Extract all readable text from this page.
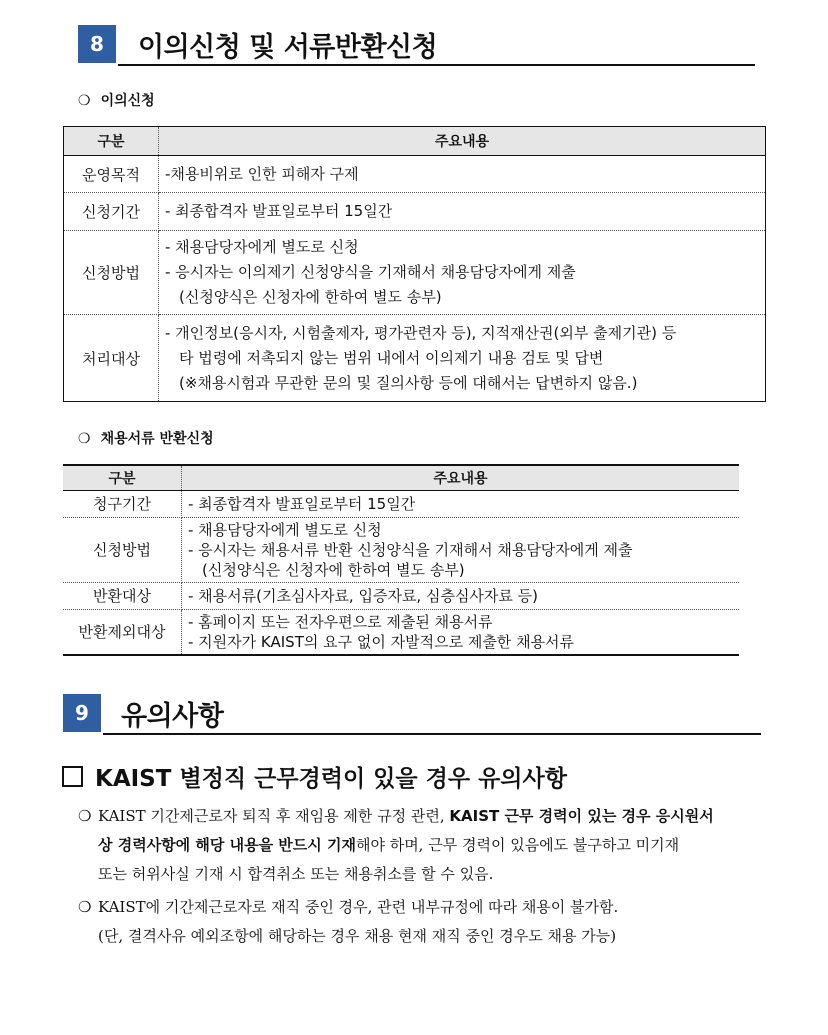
8	이의신청 및 서류반환신청
❍ 이의신청
구분	주요내용
운영목적	-채용비위로 인한 피해자 구제

신청기간	- 최종합격자 발표일로부터 15일간

신청방법	- 채용담당자에게 별도로 신청
- 응시자는 이의제기 신청양식을 기재해서 채용담당자에게 제출
(신청양식은 신청자에 한하여 별도 송부)

처리대상	- 개인정보(응시자, 시험출제자, 평가관련자 등), 지적재산권(외부 출제기관) 등
타 법령에 저촉되지 않는 범위 내에서 이의제기 내용 검토 및 답변
(※채용시험과 무관한 문의 및 질의사항 등에 대해서는 답변하지 않음.)
❍ 채용서류 반환신청
구분	주요내용
청구기간	- 최종합격자 발표일로부터 15일간

신청방법	- 채용담당자에게 별도로 신청
- 응시자는 채용서류 반환 신청양식을 기재해서 채용담당자에게 제출
(신청양식은 신청자에 한하여 별도 송부)

반환대상	- 채용서류(기초심사자료, 입증자료, 심층심사자료 등)

반환제외대상	- 홈페이지 또는 전자우편으로 제출된 채용서류
- 지원자가 KAIST의 요구 없이 자발적으로 제출한 채용서류
9	유의사항
KAIST 별정직 근무경력이 있을 경우 유의사항
❍ KAIST 기간제근로자 퇴직 후 재임용 제한 규정 관련, KAIST 근무 경력이 있는 경우 응시원서
상 경력사항에 해당 내용을 반드시 기재해야 하며, 근무 경력이 있음에도 불구하고 미기재
또는 허위사실 기재 시 합격취소 또는 채용취소를 할 수 있음.
❍ KAIST에 기간제근로자로 재직 중인 경우, 관련 내부규정에 따라 채용이 불가함.
(단, 결격사유 예외조항에 해당하는 경우 채용 현재 재직 중인 경우도 채용 가능)
